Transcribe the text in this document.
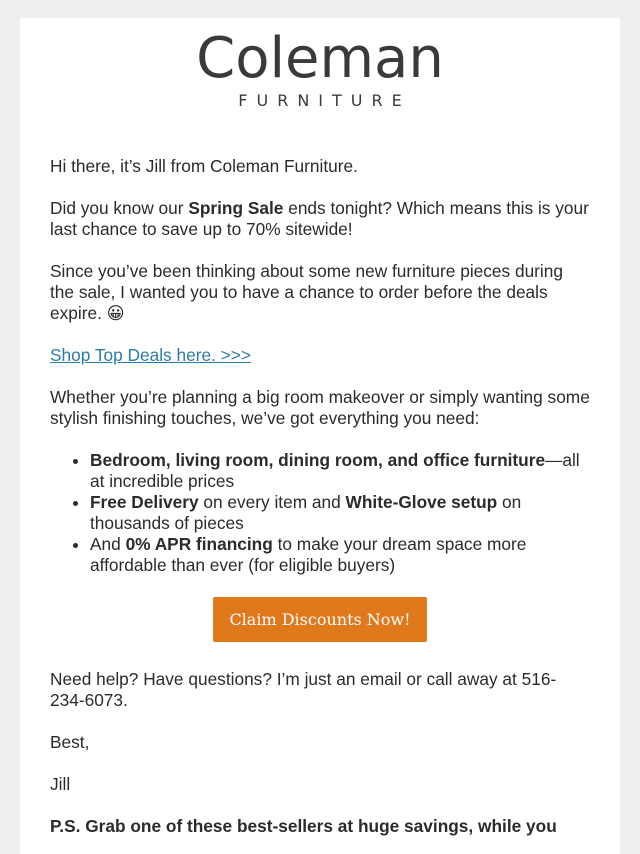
Coleman
FURNITURE

Hi there, it’s Jill from Coleman Furniture.

Did you know our Spring Sale ends tonight? Which means this is your last chance to save up to 70% sitewide!

Since you’ve been thinking about some new furniture pieces during the sale, I wanted you to have a chance to order before the deals expire. 😀

Shop Top Deals here. >>>

Whether you’re planning a big room makeover or simply wanting some stylish finishing touches, we’ve got everything you need:

• Bedroom, living room, dining room, and office furniture—all at incredible prices
• Free Delivery on every item and White-Glove setup on thousands of pieces
• And 0% APR financing to make your dream space more affordable than ever (for eligible buyers)
Claim Discounts Now!

Need help? Have questions? I’m just an email or call away at 516-234-6073.

Best,

Jill

P.S. Grab one of these best-sellers at huge savings, while you
